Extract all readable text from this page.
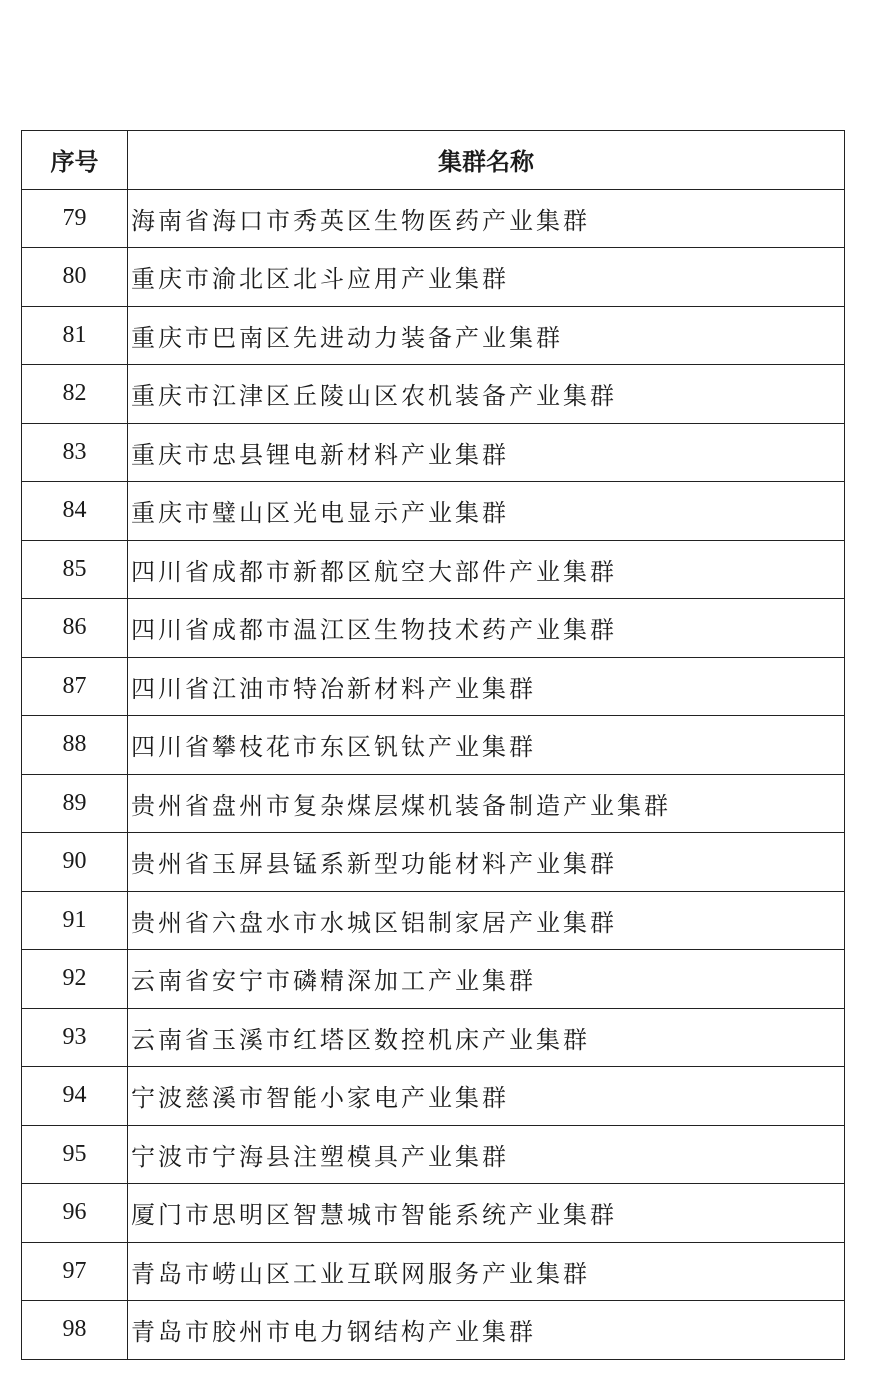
序号	集群名称
79	海南省海口市秀英区生物医药产业集群
80	重庆市渝北区北斗应用产业集群
81	重庆市巴南区先进动力装备产业集群
82	重庆市江津区丘陵山区农机装备产业集群
83	重庆市忠县锂电新材料产业集群
84	重庆市璧山区光电显示产业集群
85	四川省成都市新都区航空大部件产业集群
86	四川省成都市温江区生物技术药产业集群
87	四川省江油市特冶新材料产业集群
88	四川省攀枝花市东区钒钛产业集群
89	贵州省盘州市复杂煤层煤机装备制造产业集群
90	贵州省玉屏县锰系新型功能材料产业集群
91	贵州省六盘水市水城区铝制家居产业集群
92	云南省安宁市磷精深加工产业集群
93	云南省玉溪市红塔区数控机床产业集群
94	宁波慈溪市智能小家电产业集群
95	宁波市宁海县注塑模具产业集群
96	厦门市思明区智慧城市智能系统产业集群
97	青岛市崂山区工业互联网服务产业集群
98	青岛市胶州市电力钢结构产业集群
